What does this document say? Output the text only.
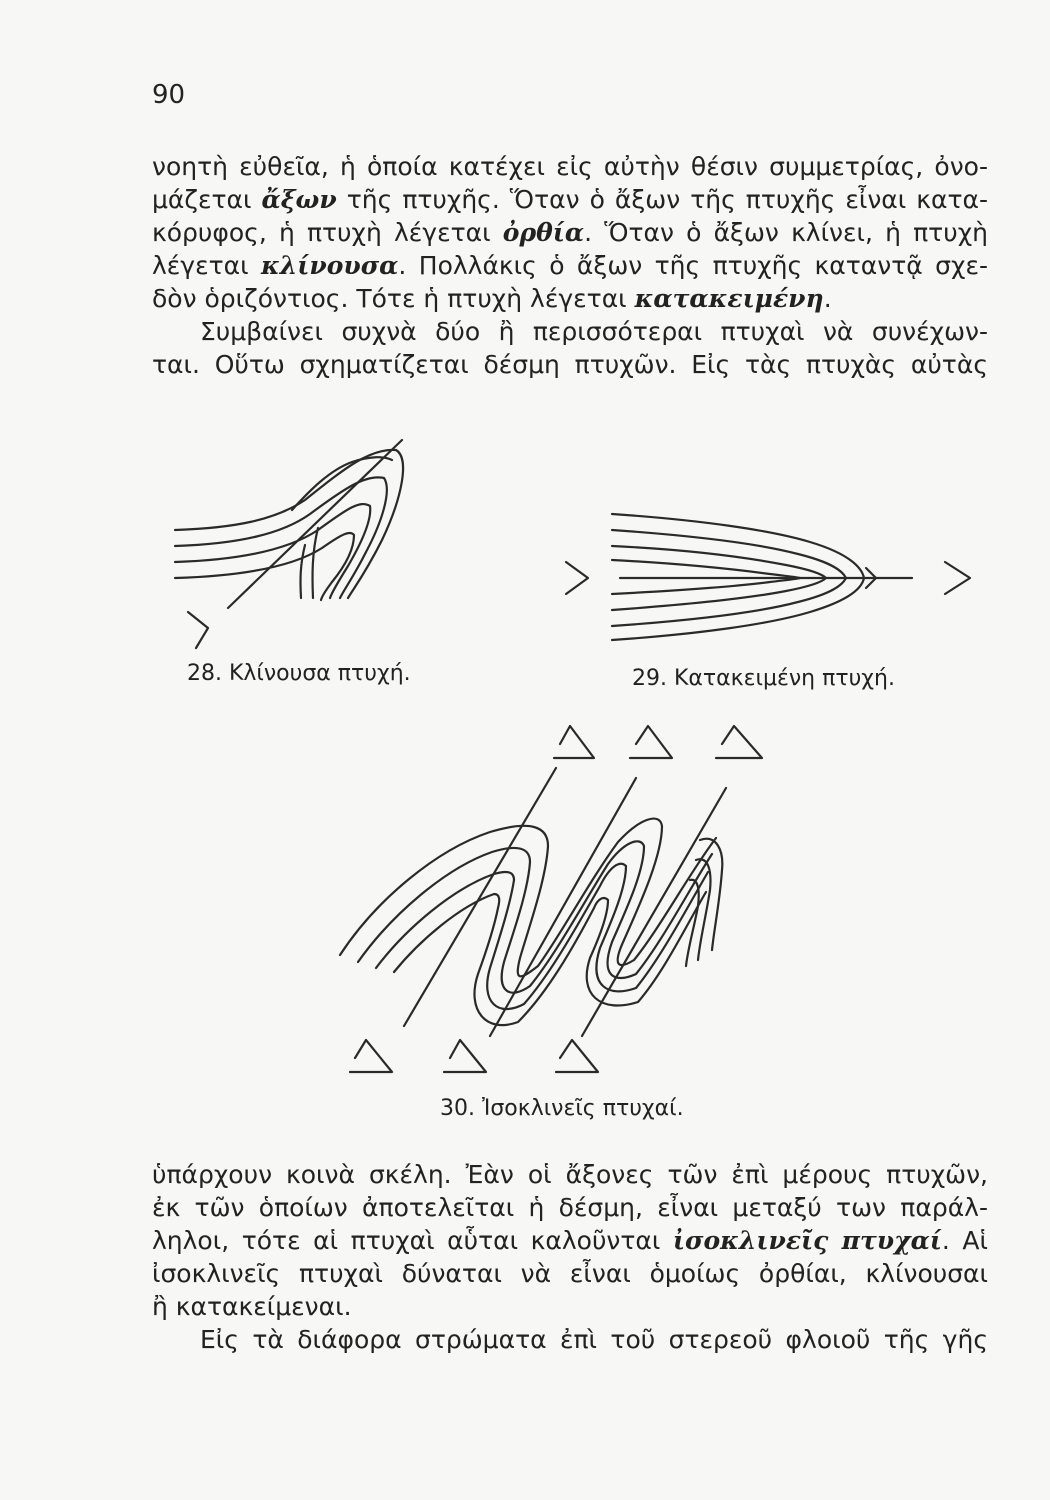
90
νοητὴ εὐθεῖα, ἡ ὁποία κατέχει εἰς αὐτὴν θέσιν συμμετρίας, ὀνο-
μάζεται ἄξων τῆς πτυχῆς. Ὅταν ὁ ἄξων τῆς πτυχῆς εἶναι κατα-
κόρυφος, ἡ πτυχὴ λέγεται ὀρθία. Ὅταν ὁ ἄξων κλίνει, ἡ πτυχὴ
λέγεται κλίνουσα. Πολλάκις ὁ ἄξων τῆς πτυχῆς καταντᾷ σχε-
δὸν ὁριζόντιος. Τότε ἡ πτυχὴ λέγεται κατακειμένη.
Συμβαίνει συχνὰ δύο ἢ περισσότεραι πτυχαὶ νὰ συνέχων-
ται. Οὕτω σχηματίζεται δέσμη πτυχῶν. Εἰς τὰς πτυχὰς αὐτὰς
28. Κλίνουσα πτυχή.	29. Κατακειμένη πτυχή.
30. Ἰσοκλινεῖς πτυχαί.
ὑπάρχουν κοινὰ σκέλη. Ἐὰν οἱ ἄξονες τῶν ἐπὶ μέρους πτυχῶν,
ἐκ τῶν ὁποίων ἀποτελεῖται ἡ δέσμη, εἶναι μεταξύ των παράλ-
ληλοι, τότε αἱ πτυχαὶ αὗται καλοῦνται ἰσοκλινεῖς πτυχαί. Αἱ
ἰσοκλινεῖς πτυχαὶ δύναται νὰ εἶναι ὁμοίως ὀρθίαι, κλίνουσαι
ἢ κατακείμεναι.
Εἰς τὰ διάφορα στρώματα ἐπὶ τοῦ στερεοῦ φλοιοῦ τῆς γῆς
